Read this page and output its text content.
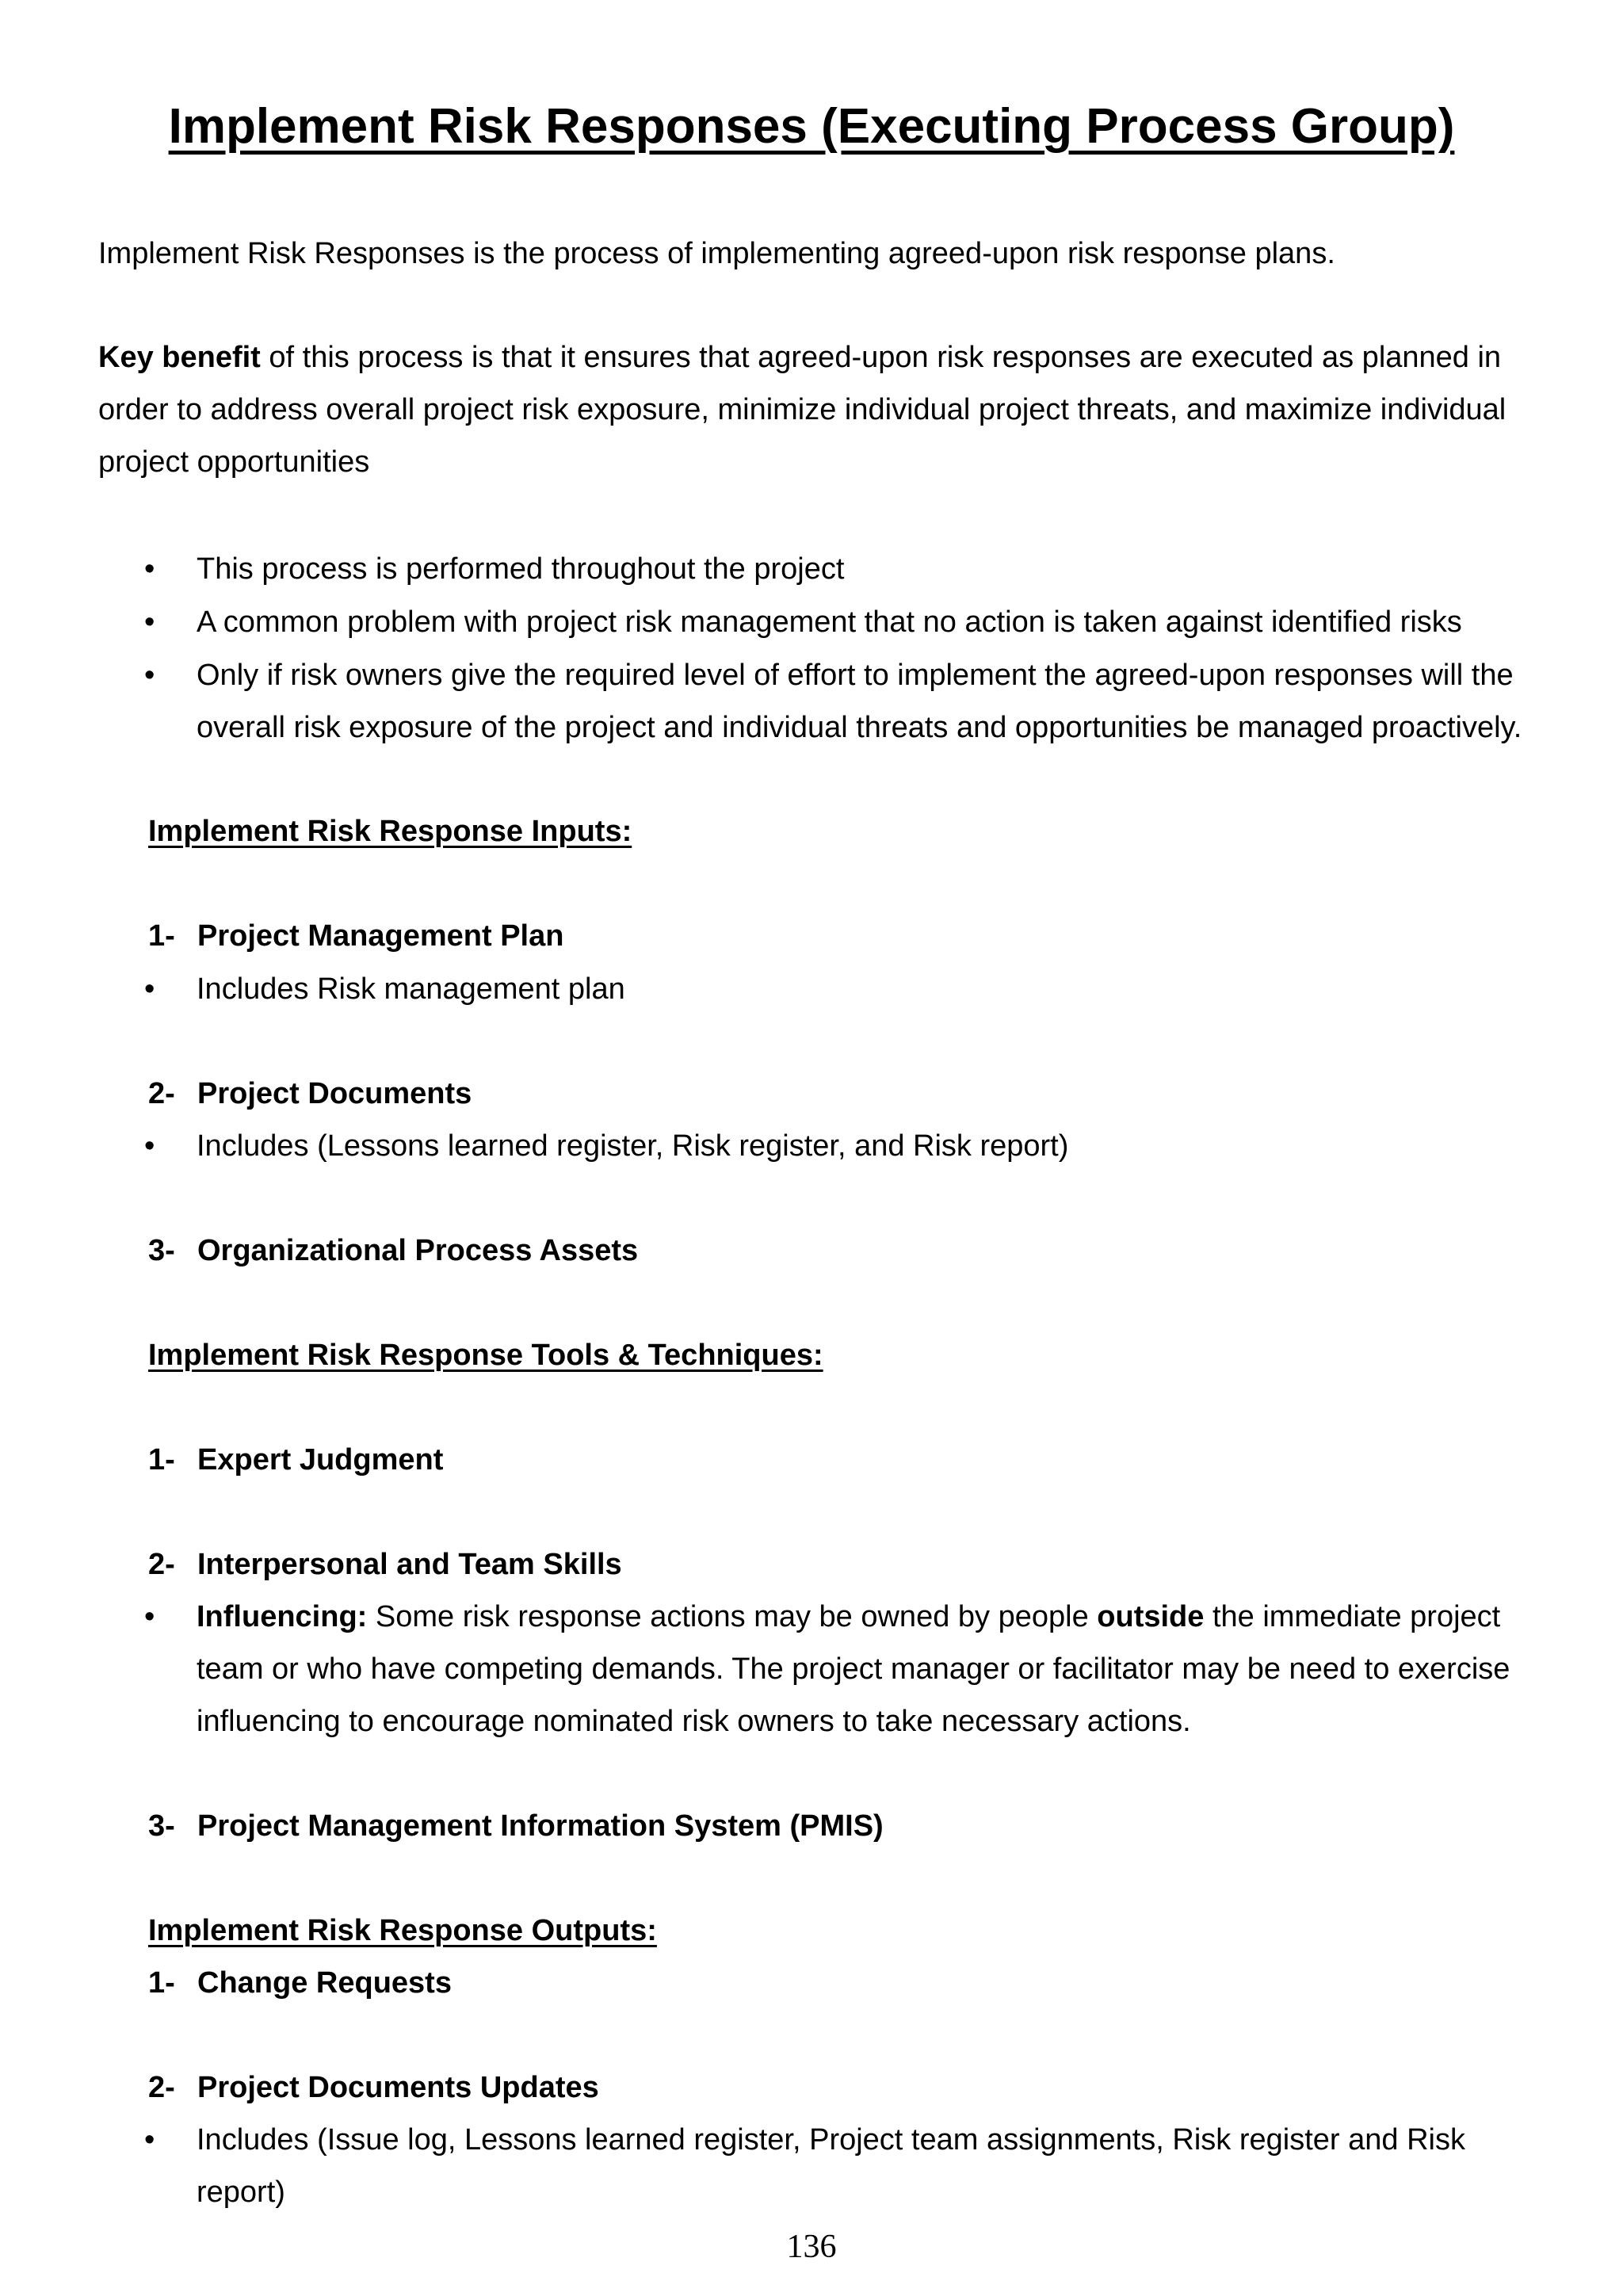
Implement Risk Responses (Executing Process Group)

Implement Risk Responses is the process of implementing agreed-upon risk response plans.

Key benefit of this process is that it ensures that agreed-upon risk responses are executed as planned in
order to address overall project risk exposure, minimize individual project threats, and maximize individual
project opportunities

• This process is performed throughout the project
• A common problem with project risk management that no action is taken against identified risks
• Only if risk owners give the required level of effort to implement the agreed-upon responses will the
overall risk exposure of the project and individual threats and opportunities be managed proactively.
Implement Risk Response Inputs:
1- Project Management Plan
• Includes Risk management plan
2- Project Documents
• Includes (Lessons learned register, Risk register, and Risk report)
3- Organizational Process Assets
Implement Risk Response Tools & Techniques:
1- Expert Judgment
2- Interpersonal and Team Skills
• Influencing: Some risk response actions may be owned by people outside the immediate project
team or who have competing demands. The project manager or facilitator may be need to exercise
influencing to encourage nominated risk owners to take necessary actions.
3- Project Management Information System (PMIS)
Implement Risk Response Outputs:
1- Change Requests
2- Project Documents Updates
• Includes (Issue log, Lessons learned register, Project team assignments, Risk register and Risk
report)
136
